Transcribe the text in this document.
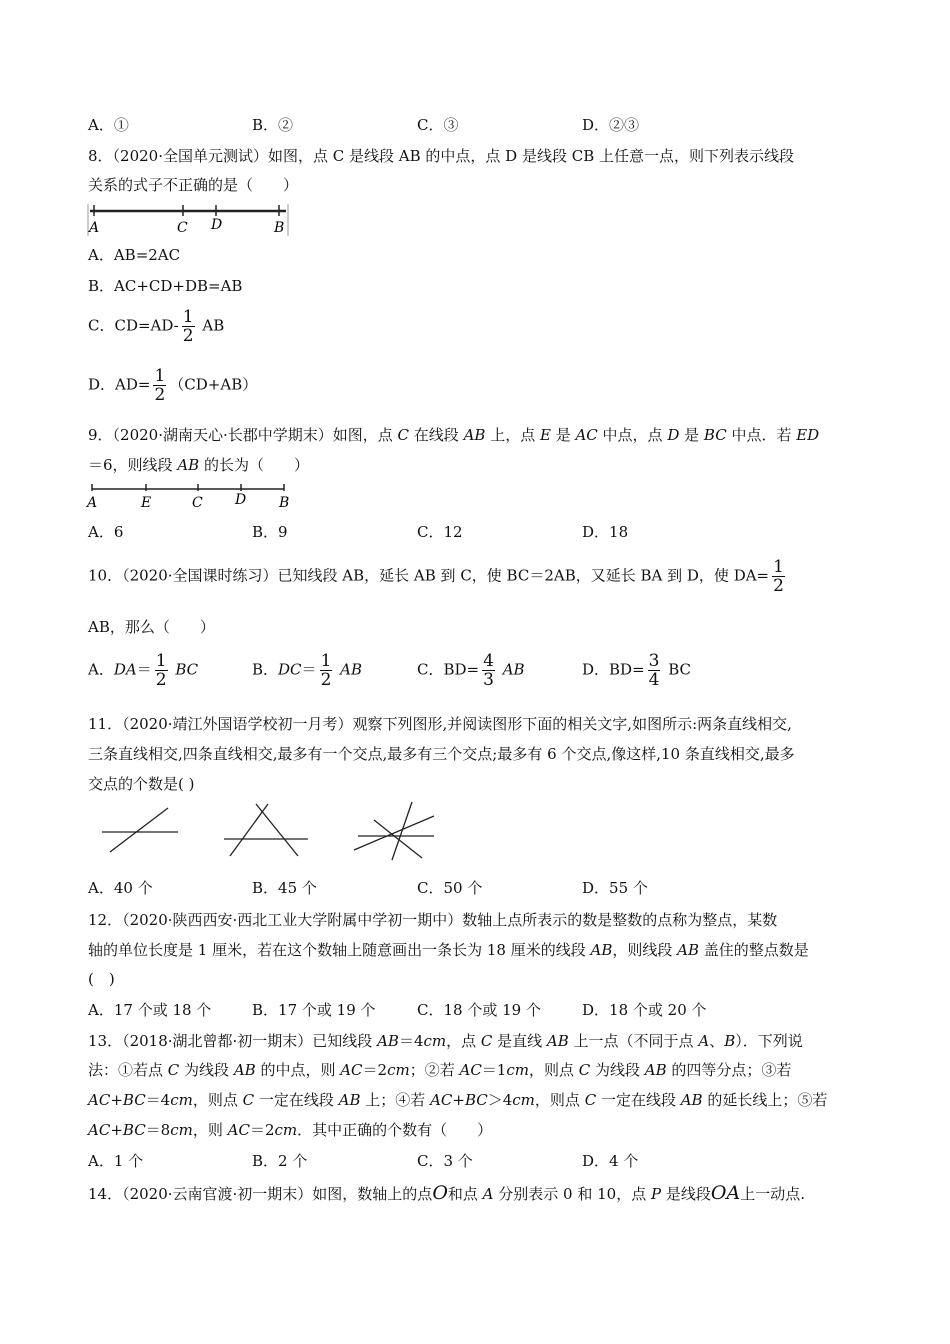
A．①	B．②	C．③	D．②③
8．（2020·全国单元测试）如图，点 C 是线段 AB 的中点，点 D 是线段 CB 上任意一点，则下列表示线段
关系的式子不正确的是（　　）
A	C D	B
A．AB=2AC
B．AC+CD+DB=AB
C．$CD=AD- \frac{1}{2}$ AB
D．$AD= \frac{1}{2} (CD+AB)$
9．（2020·湖南天心·长郡中学期末）如图，点 C 在线段 AB 上，点 E 是 AC 中点，点 D 是 BC 中点．若 ED
＝6，则线段 AB 的长为（　　）
A	E	C D B
A．6	B．9	C．12	D．18
10．（2020·全国课时练习）已知线段 AB，延长 AB 到 C，使 BC＝2AB，又延长 BA 到 D，使 $DA= \frac{1}{2}$
AB，那么（　　）
A．$DA= \frac{1}{2}$ BC	B．$DC= \frac{1}{2}$ AB	C．$BD= \frac{4}{3}$ AB	D．$BD= \frac{3}{4}$ BC
11．（2020·靖江外国语学校初一月考）观察下列图形,并阅读图形下面的相关文字,如图所示:两条直线相交,
三条直线相交,四条直线相交,最多有一个交点,最多有三个交点;最多有 6 个交点,像这样,10 条直线相交,最多
交点的个数是( )
A．40 个	B．45 个	C．50 个	D．55 个
12．（2020·陕西西安·西北工业大学附属中学初一期中）数轴上点所表示的数是整数的点称为整点，某数
轴的单位长度是 1 厘米，若在这个数轴上随意画出一条长为 18 厘米的线段 AB，则线段 AB 盖住的整点数是
(　)
A．17 个或 18 个	B．17 个或 19 个	C．18 个或 19 个	D．18 个或 20 个
13．（2018·湖北曾都·初一期末）已知线段 AB＝4cm，点 C 是直线 AB 上一点（不同于点 A、B）．下列说
法：①若点 C 为线段 AB 的中点，则 AC＝2cm；②若 AC＝1cm，则点 C 为线段 AB 的四等分点；③若
AC+BC＝4cm，则点 C 一定在线段 AB 上；④若 AC+BC＞4cm，则点 C 一定在线段 AB 的延长线上；⑤若
AC+BC＝8cm，则 AC＝2cm．其中正确的个数有（　　）
A．1 个	B．2 个	C．3 个	D．4 个
14．（2020·云南官渡·初一期末）如图，数轴上的点O和点 A 分别表示 0 和 10，点 P 是线段OA上一动点.
